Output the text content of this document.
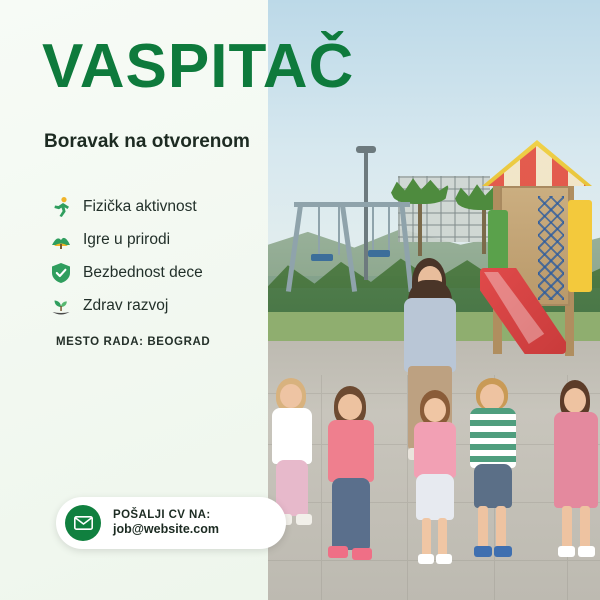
VASPITAČ
Boravak na otvorenom
Fizička aktivnost
Igre u prirodi
Bezbednost dece
Zdrav razvoj
MESTO RADA: BEOGRAD
POŠALJI CV NA:
job@website.com
